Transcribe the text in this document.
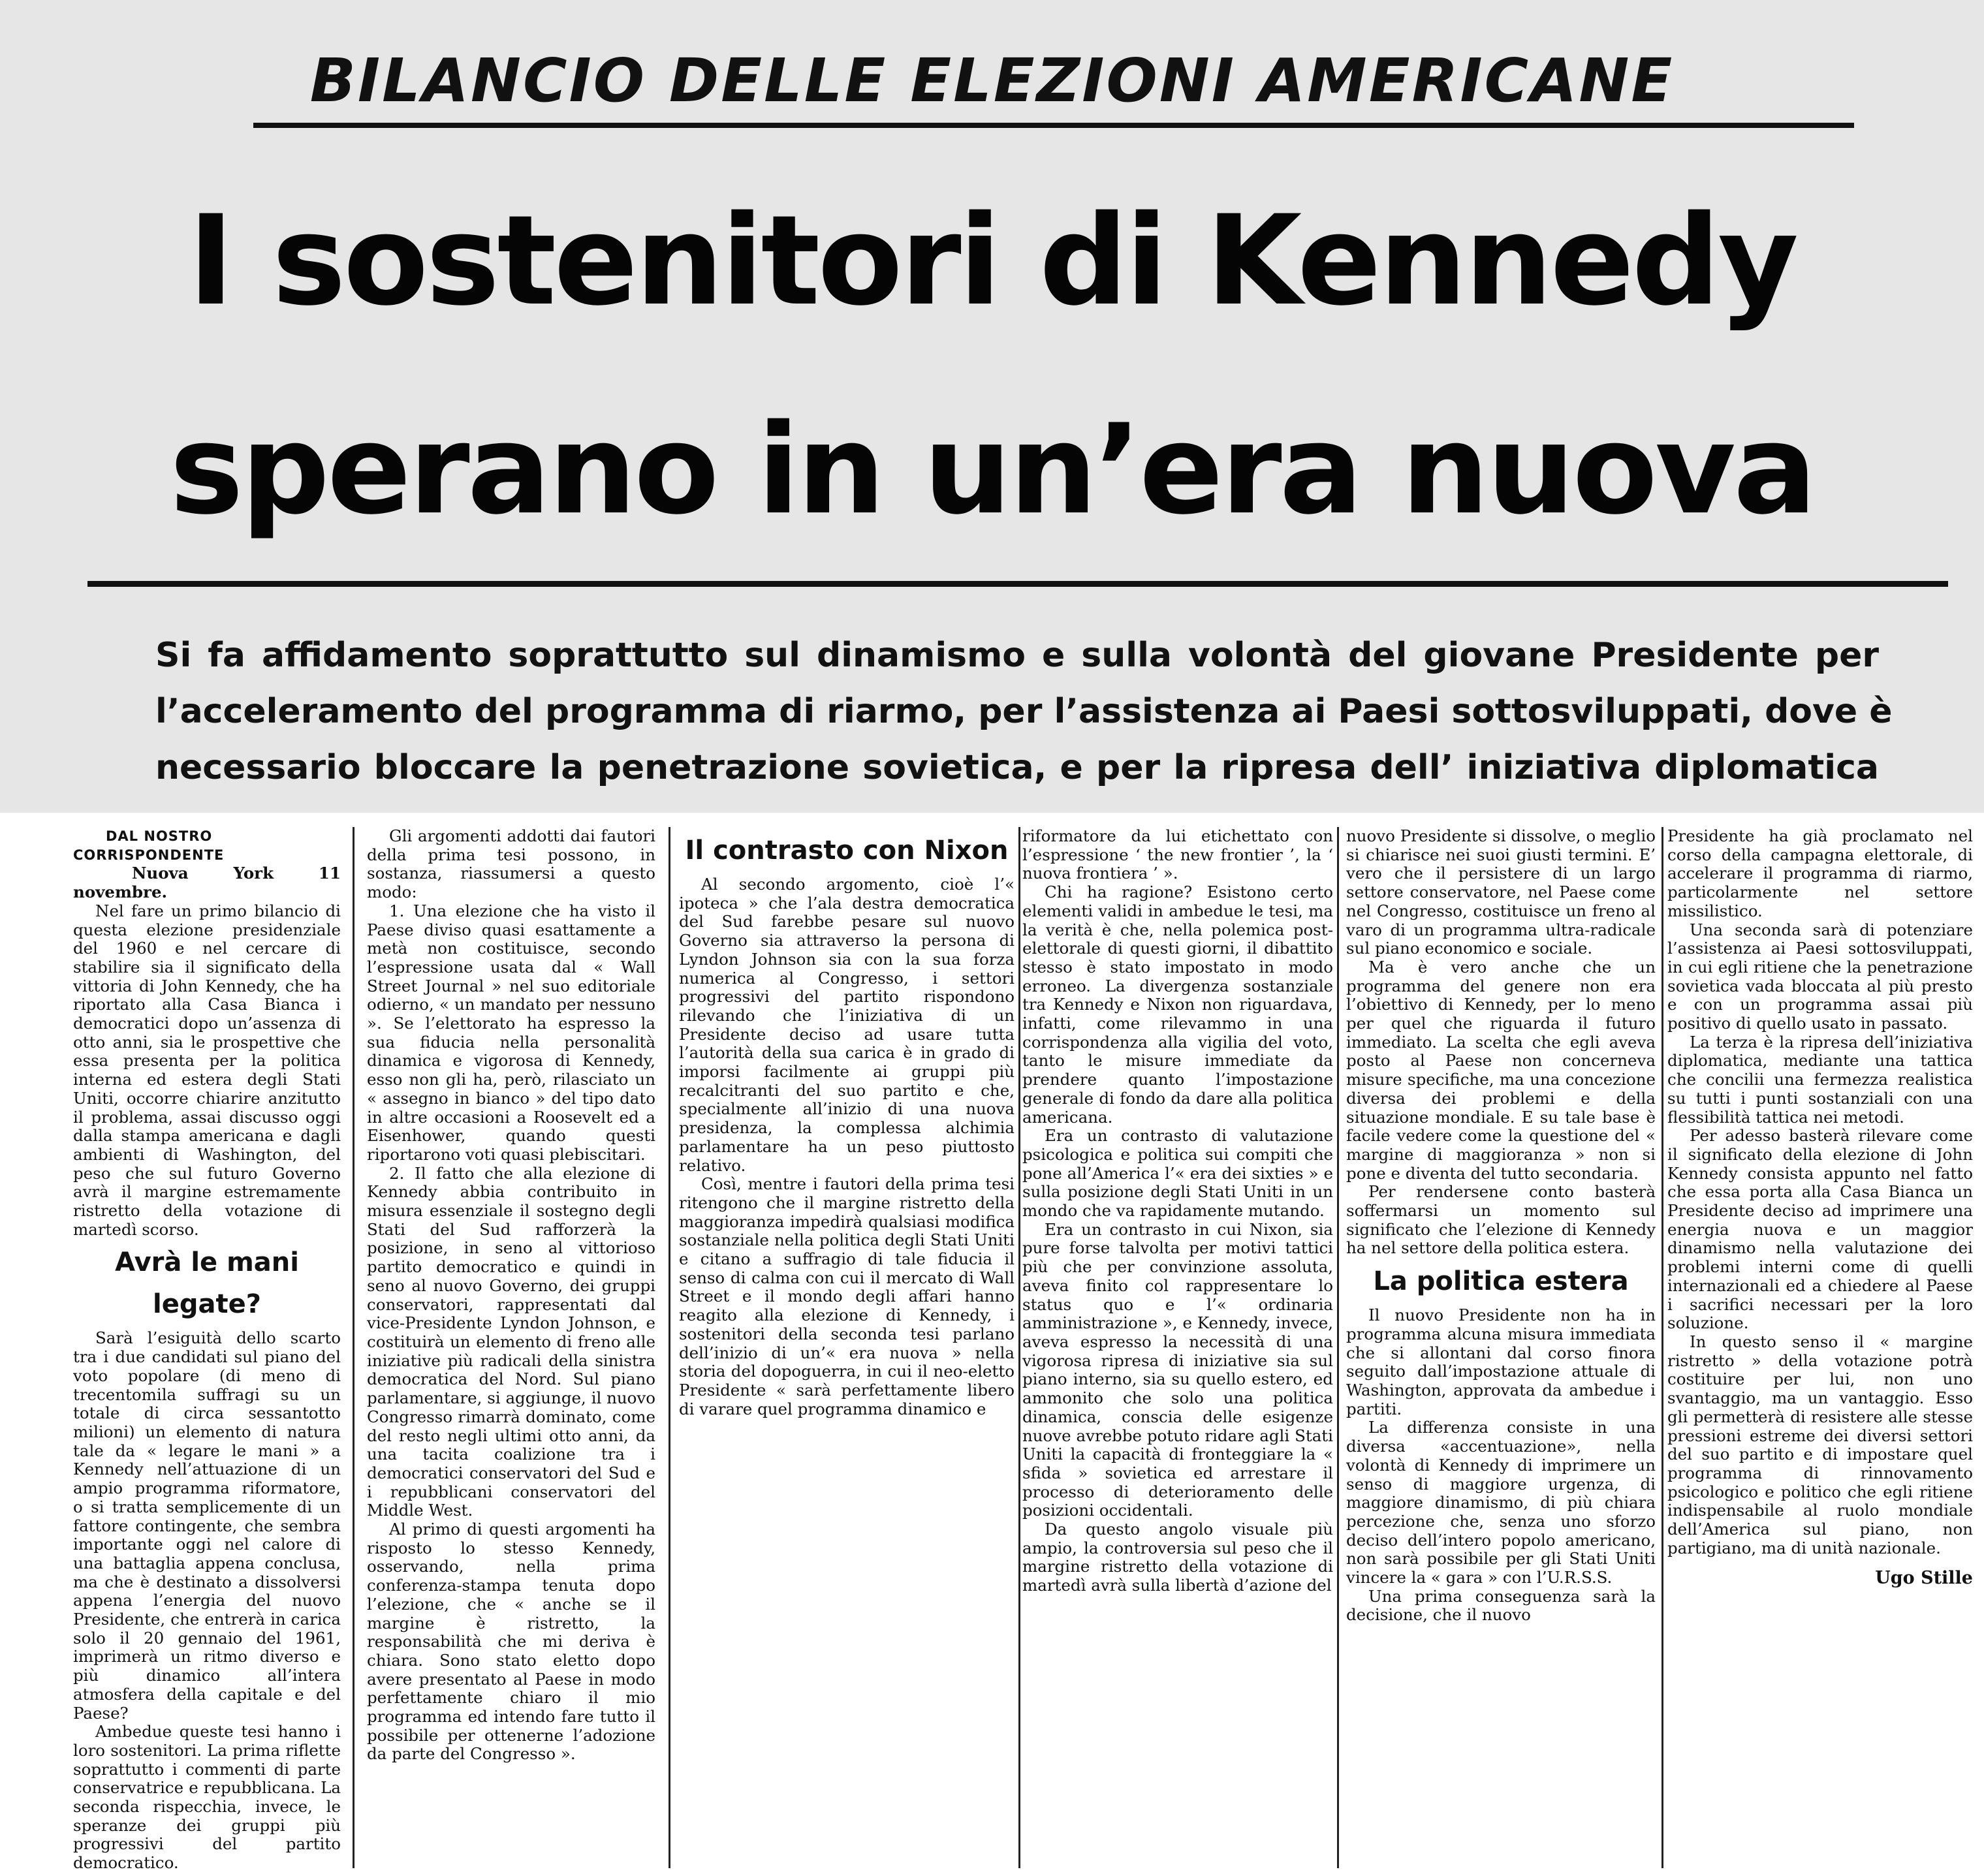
BILANCIO DELLE ELEZIONI AMERICANE
I sostenitori di Kennedy
sperano in un’era nuova
Si fa affidamento soprattutto sul dinamismo e sulla volontà del giovane Presidente per
l’acceleramento del programma di riarmo, per l’assistenza ai Paesi sottosviluppati, dove è
necessario bloccare la penetrazione sovietica, e per la ripresa dell’ iniziativa diplomatica

DAL NOSTRO CORRISPONDENTE

Nuova York 11 novembre.

Nel fare un primo bilancio di questa elezione presidenziale del 1960 e nel cercare di stabilire sia il significato della vittoria di John Kennedy, che ha riportato alla Casa Bianca i democratici dopo un’assenza di otto anni, sia le prospettive che essa presenta per la politica interna ed estera degli Stati Uniti, occorre chiarire anzitutto il problema, assai discusso oggi dalla stampa americana e dagli ambienti di Washington, del peso che sul futuro Governo avrà il margine estremamente ristretto della votazione di martedì scorso.

Avrà le mani legate?

Sarà l’esiguità dello scarto tra i due candidati sul piano del voto popolare (di meno di trecentomila suffragi su un totale di circa sessantotto milioni) un elemento di natura tale da « legare le mani » a Kennedy nell’attuazione di un ampio programma riformatore, o si tratta semplicemente di un fattore contingente, che sembra importante oggi nel calore di una battaglia appena conclusa, ma che è destinato a dissolversi appena l’energia del nuovo Presidente, che entrerà in carica solo il 20 gennaio del 1961, imprimerà un ritmo diverso e più dinamico all’intera atmosfera della capitale e del Paese?

Ambedue queste tesi hanno i loro sostenitori. La prima riflette soprattutto i commenti di parte conservatrice e repubblicana. La seconda rispecchia, invece, le speranze dei gruppi più progressivi del partito democratico.

Gli argomenti addotti dai fautori della prima tesi possono, in sostanza, riassumersi a questo modo:

1. Una elezione che ha visto il Paese diviso quasi esattamente a metà non costituisce, secondo l’espressione usata dal « Wall Street Journal » nel suo editoriale odierno, « un mandato per nessuno ». Se l’elettorato ha espresso la sua fiducia nella personalità dinamica e vigorosa di Kennedy, esso non gli ha, però, rilasciato un « assegno in bianco » del tipo dato in altre occasioni a Roosevelt ed a Eisenhower, quando questi riportarono voti quasi plebiscitari.

2. Il fatto che alla elezione di Kennedy abbia contribuito in misura essenziale il sostegno degli Stati del Sud rafforzerà la posizione, in seno al vittorioso partito democratico e quindi in seno al nuovo Governo, dei gruppi conservatori, rappresentati dal vice-Presidente Lyndon Johnson, e costituirà un elemento di freno alle iniziative più radicali della sinistra democratica del Nord. Sul piano parlamentare, si aggiunge, il nuovo Congresso rimarrà dominato, come del resto negli ultimi otto anni, da una tacita coalizione tra i democratici conservatori del Sud e i repubblicani conservatori del Middle West.

Al primo di questi argomenti ha risposto lo stesso Kennedy, osservando, nella prima conferenza-stampa tenuta dopo l’elezione, che « anche se il margine è ristretto, la responsabilità che mi deriva è chiara. Sono stato eletto dopo avere presentato al Paese in modo perfettamente chiaro il mio programma ed intendo fare tutto il possibile per ottenerne l’adozione da parte del Congresso ».

Il contrasto con Nixon

Al secondo argomento, cioè l’« ipoteca » che l’ala destra democratica del Sud farebbe pesare sul nuovo Governo sia attraverso la persona di Lyndon Johnson sia con la sua forza numerica al Congresso, i settori progressivi del partito rispondono rilevando che l’iniziativa di un Presidente deciso ad usare tutta l’autorità della sua carica è in grado di imporsi facilmente ai gruppi più recalcitranti del suo partito e che, specialmente all’inizio di una nuova presidenza, la complessa alchimia parlamentare ha un peso piuttosto relativo.

Così, mentre i fautori della prima tesi ritengono che il margine ristretto della maggioranza impedirà qualsiasi modifica sostanziale nella politica degli Stati Uniti e citano a suffragio di tale fiducia il senso di calma con cui il mercato di Wall Street e il mondo degli affari hanno reagito alla elezione di Kennedy, i sostenitori della seconda tesi parlano dell’inizio di un’« era nuova » nella storia del dopoguerra, in cui il neo-eletto Presidente « sarà perfettamente libero di varare quel programma dinamico e

riformatore da lui etichettato con l’espressione ‘ the new frontier ’, la ‘ nuova frontiera ’ ».

Chi ha ragione? Esistono certo elementi validi in ambedue le tesi, ma la verità è che, nella polemica post-elettorale di questi giorni, il dibattito stesso è stato impostato in modo erroneo. La divergenza sostanziale tra Kennedy e Nixon non riguardava, infatti, come rilevammo in una corrispondenza alla vigilia del voto, tanto le misure immediate da prendere quanto l’impostazione generale di fondo da dare alla politica americana.

Era un contrasto di valutazione psicologica e politica sui compiti che pone all’America l’« era dei sixties » e sulla posizione degli Stati Uniti in un mondo che va rapidamente mutando.

Era un contrasto in cui Nixon, sia pure forse talvolta per motivi tattici più che per convinzione assoluta, aveva finito col rappresentare lo status quo e l’« ordinaria amministrazione », e Kennedy, invece, aveva espresso la necessità di una vigorosa ripresa di iniziative sia sul piano interno, sia su quello estero, ed ammonito che solo una politica dinamica, conscia delle esigenze nuove avrebbe potuto ridare agli Stati Uniti la capacità di fronteggiare la « sfida » sovietica ed arrestare il processo di deterioramento delle posizioni occidentali.

Da questo angolo visuale più ampio, la controversia sul peso che il margine ristretto della votazione di martedì avrà sulla libertà d’azione del

nuovo Presidente si dissolve, o meglio si chiarisce nei suoi giusti termini. E’ vero che il persistere di un largo settore conservatore, nel Paese come nel Congresso, costituisce un freno al varo di un programma ultra-radicale sul piano economico e sociale.

Ma è vero anche che un programma del genere non era l’obiettivo di Kennedy, per lo meno per quel che riguarda il futuro immediato. La scelta che egli aveva posto al Paese non concerneva misure specifiche, ma una concezione diversa dei problemi e della situazione mondiale. E su tale base è facile vedere come la questione del « margine di maggioranza » non si pone e diventa del tutto secondaria.

Per rendersene conto basterà soffermarsi un momento sul significato che l’elezione di Kennedy ha nel settore della politica estera.

La politica estera

Il nuovo Presidente non ha in programma alcuna misura immediata che si allontani dal corso finora seguito dall’impostazione attuale di Washington, approvata da ambedue i partiti.

La differenza consiste in una diversa «accentuazione», nella volontà di Kennedy di imprimere un senso di maggiore urgenza, di maggiore dinamismo, di più chiara percezione che, senza uno sforzo deciso dell’intero popolo americano, non sarà possibile per gli Stati Uniti vincere la « gara » con l’U.R.S.S.

Una prima conseguenza sarà la decisione, che il nuovo

Presidente ha già proclamato nel corso della campagna elettorale, di accelerare il programma di riarmo, particolarmente nel settore missilistico.

Una seconda sarà di potenziare l’assistenza ai Paesi sottosviluppati, in cui egli ritiene che la penetrazione sovietica vada bloccata al più presto e con un programma assai più positivo di quello usato in passato.

La terza è la ripresa dell’iniziativa diplomatica, mediante una tattica che concilii una fermezza realistica su tutti i punti sostanziali con una flessibilità tattica nei metodi.

Per adesso basterà rilevare come il significato della elezione di John Kennedy consista appunto nel fatto che essa porta alla Casa Bianca un Presidente deciso ad imprimere una energia nuova e un maggior dinamismo nella valutazione dei problemi interni come di quelli internazionali ed a chiedere al Paese i sacrifici necessari per la loro soluzione.

In questo senso il « margine ristretto » della votazione potrà costituire per lui, non uno svantaggio, ma un vantaggio. Esso gli permetterà di resistere alle stesse pressioni estreme dei diversi settori del suo partito e di impostare quel programma di rinnovamento psicologico e politico che egli ritiene indispensabile al ruolo mondiale dell’America sul piano, non partigiano, ma di unità nazionale.

Ugo Stille
